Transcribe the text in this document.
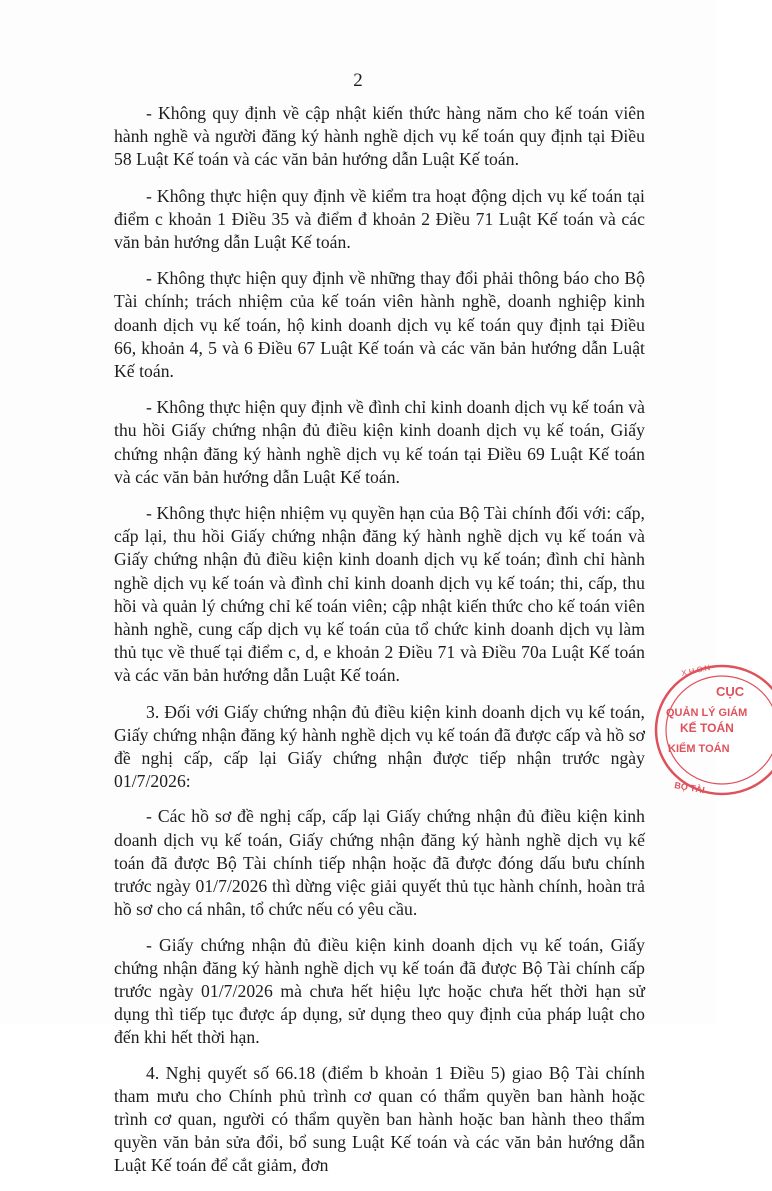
2

- Không quy định về cập nhật kiến thức hàng năm cho kế toán viên hành nghề và người đăng ký hành nghề dịch vụ kế toán quy định tại Điều 58 Luật Kế toán và các văn bản hướng dẫn Luật Kế toán.

- Không thực hiện quy định về kiểm tra hoạt động dịch vụ kế toán tại điểm c khoản 1 Điều 35 và điểm đ khoản 2 Điều 71 Luật Kế toán và các văn bản hướng dẫn Luật Kế toán.

- Không thực hiện quy định về những thay đổi phải thông báo cho Bộ Tài chính; trách nhiệm của kế toán viên hành nghề, doanh nghiệp kinh doanh dịch vụ kế toán, hộ kinh doanh dịch vụ kế toán quy định tại Điều 66, khoản 4, 5 và 6 Điều 67 Luật Kế toán và các văn bản hướng dẫn Luật Kế toán.

- Không thực hiện quy định về đình chỉ kinh doanh dịch vụ kế toán và thu hồi Giấy chứng nhận đủ điều kiện kinh doanh dịch vụ kế toán, Giấy chứng nhận đăng ký hành nghề dịch vụ kế toán tại Điều 69 Luật Kế toán và các văn bản hướng dẫn Luật Kế toán.

- Không thực hiện nhiệm vụ quyền hạn của Bộ Tài chính đối với: cấp, cấp lại, thu hồi Giấy chứng nhận đăng ký hành nghề dịch vụ kế toán và Giấy chứng nhận đủ điều kiện kinh doanh dịch vụ kế toán; đình chỉ hành nghề dịch vụ kế toán và đình chỉ kinh doanh dịch vụ kế toán; thi, cấp, thu hồi và quản lý chứng chỉ kế toán viên; cập nhật kiến thức cho kế toán viên hành nghề, cung cấp dịch vụ kế toán của tổ chức kinh doanh dịch vụ làm thủ tục về thuế tại điểm c, d, e khoản 2 Điều 71 và Điều 70a Luật Kế toán và các văn bản hướng dẫn Luật Kế toán.

3. Đối với Giấy chứng nhận đủ điều kiện kinh doanh dịch vụ kế toán, Giấy chứng nhận đăng ký hành nghề dịch vụ kế toán đã được cấp và hồ sơ đề nghị cấp, cấp lại Giấy chứng nhận được tiếp nhận trước ngày 01/7/2026:

- Các hồ sơ đề nghị cấp, cấp lại Giấy chứng nhận đủ điều kiện kinh doanh dịch vụ kế toán, Giấy chứng nhận đăng ký hành nghề dịch vụ kế toán đã được Bộ Tài chính tiếp nhận hoặc đã được đóng dấu bưu chính trước ngày 01/7/2026 thì dừng việc giải quyết thủ tục hành chính, hoàn trả hồ sơ cho cá nhân, tổ chức nếu có yêu cầu.

- Giấy chứng nhận đủ điều kiện kinh doanh dịch vụ kế toán, Giấy chứng nhận đăng ký hành nghề dịch vụ kế toán đã được Bộ Tài chính cấp trước ngày 01/7/2026 mà chưa hết hiệu lực hoặc chưa hết thời hạn sử dụng thì tiếp tục được áp dụng, sử dụng theo quy định của pháp luật cho đến khi hết thời hạn.

4. Nghị quyết số 66.18 (điểm b khoản 1 Điều 5) giao Bộ Tài chính tham mưu cho Chính phủ trình cơ quan có thẩm quyền ban hành hoặc trình cơ quan, người có thẩm quyền ban hành hoặc ban hành theo thẩm quyền văn bản sửa đổi, bổ sung Luật Kế toán và các văn bản hướng dẫn Luật Kế toán để cắt giảm, đơn

CỤC
QUẢN LÝ GIÁM
KẾ TOÁN
KIỂM TOÁN
X.H.C.N
BỘ TÀI
